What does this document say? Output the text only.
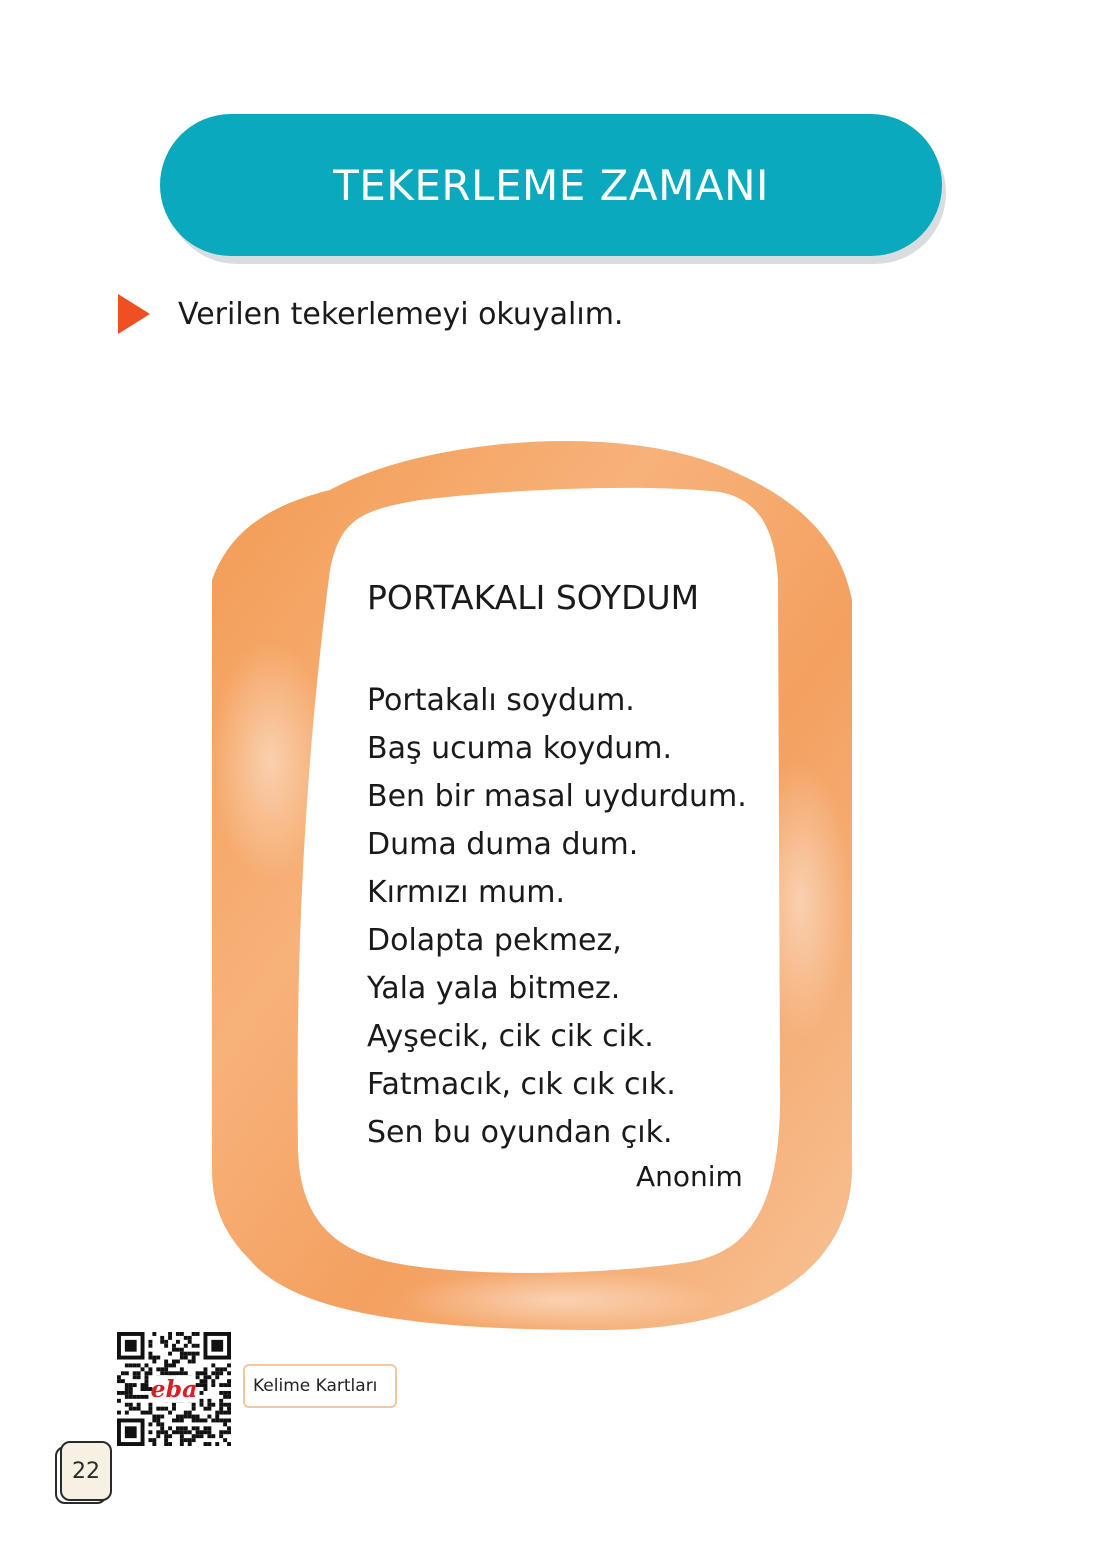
TEKERLEME ZAMANI
Verilen tekerlemeyi okuyalım.
PORTAKALI SOYDUM
Portakalı soydum.
Baş ucuma koydum.
Ben bir masal uydurdum.
Duma duma dum.
Kırmızı mum.
Dolapta pekmez,
Yala yala bitmez.
Ayşecik, cik cik cik.
Fatmacık, cık cık cık.
Sen bu oyundan çık.
Anonim
eba	Kelime Kartları
22
